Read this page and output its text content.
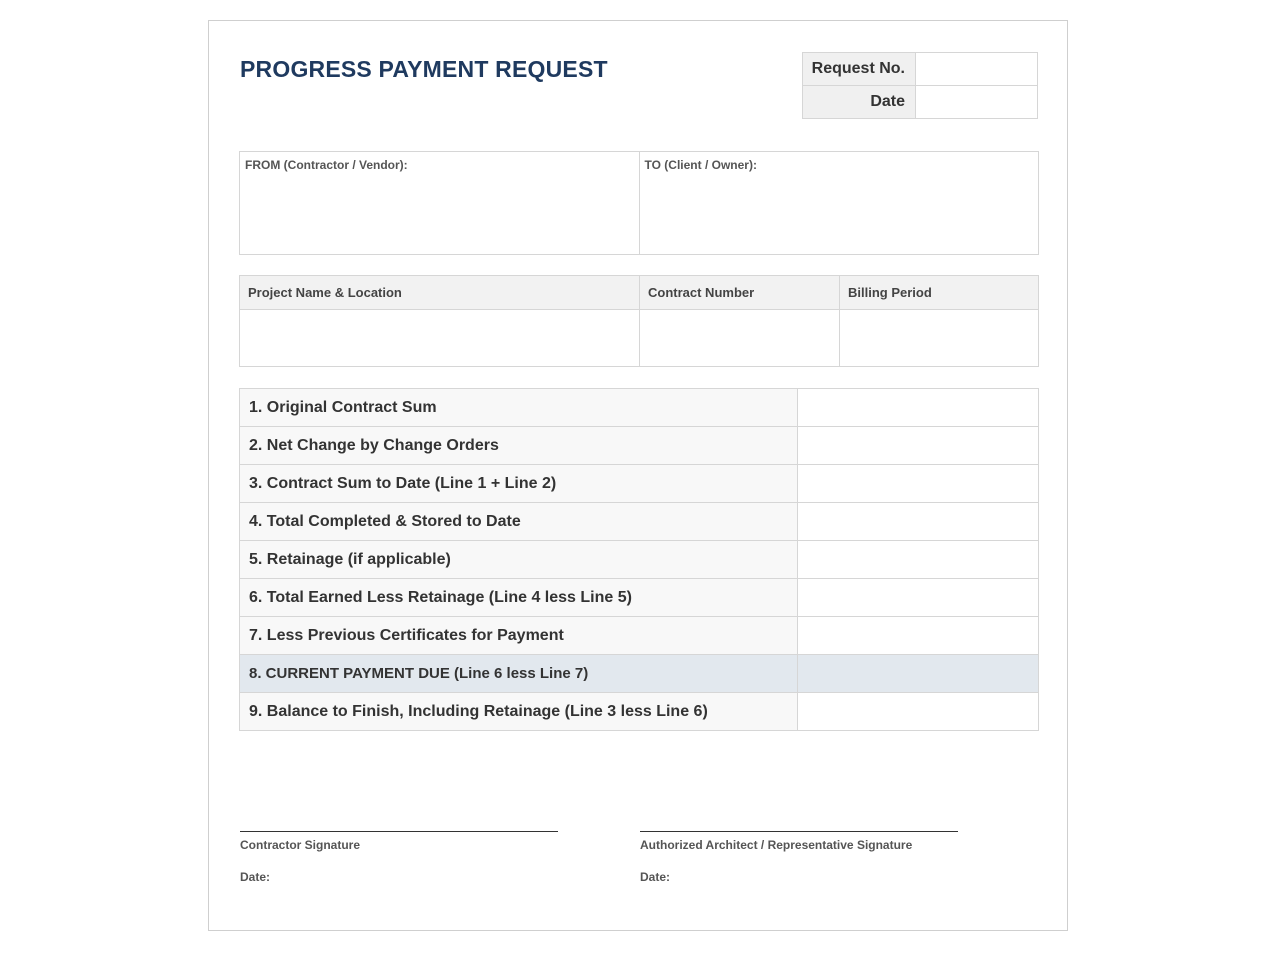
PROGRESS PAYMENT REQUEST	Request No.	
Date	
FROM (Contractor / Vendor):	TO (Client / Owner):
Project Name & Location	Contract Number	Billing Period

1. Original Contract Sum	
2. Net Change by Change Orders	
3. Contract Sum to Date (Line 1 + Line 2)	
4. Total Completed & Stored to Date	
5. Retainage (if applicable)	
6. Total Earned Less Retainage (Line 4 less Line 5)	
7. Less Previous Certificates for Payment	
8. CURRENT PAYMENT DUE (Line 6 less Line 7)	
9. Balance to Finish, Including Retainage (Line 3 less Line 6)	
Contractor Signature
Date:
Authorized Architect / Representative Signature
Date:
